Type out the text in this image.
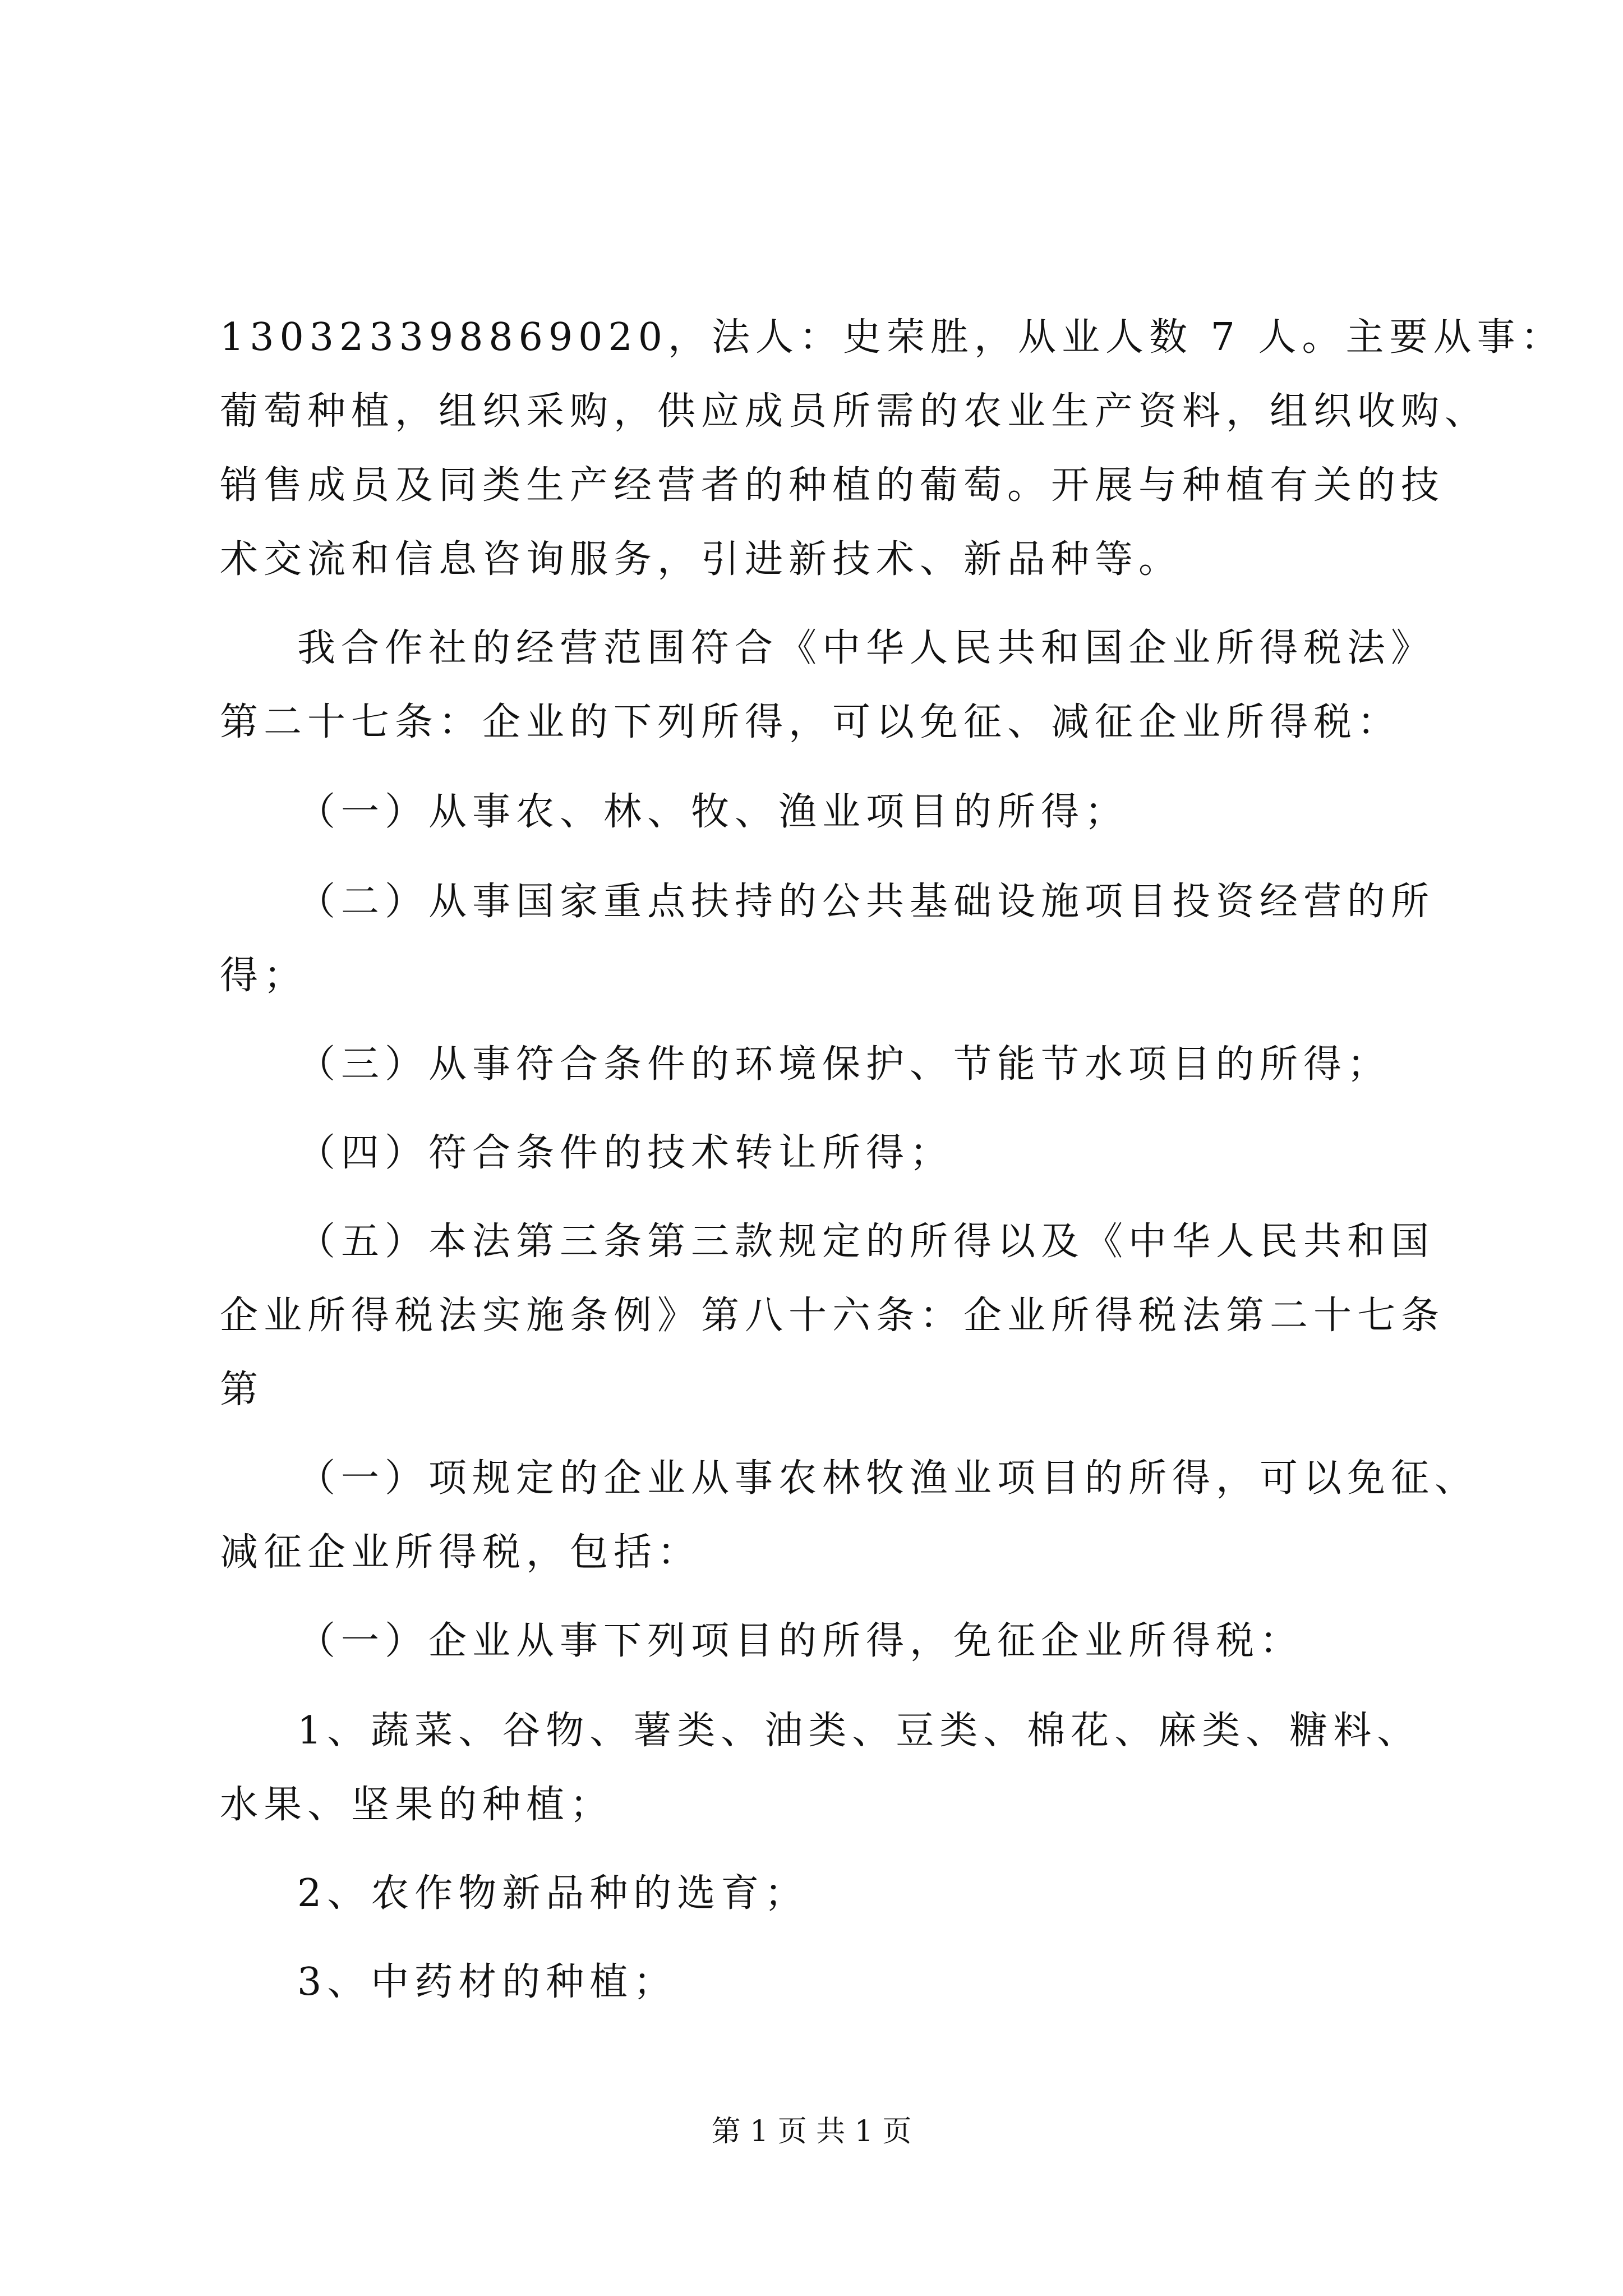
13032339886902​0，法人：史荣胜，从业人数 7 人。主要从事：
葡萄种植，组织采购，供应成员所需的农业生产资料，组织收购、
销售成员及同类生产经营者的种植的葡萄。开展与种植有关的技
术交流和信息咨询服务，引进新技术、新品种等。
我合作社的经营范围符合《中华人民共和国企业所得税法》
第二十七条：企业的下列所得，可以免征、减征企业所得税：
（一）从事农、林、牧、渔业项目的所得；
（二）从事国家重点扶持的公共基础设施项目投资经营的所
得；
（三）从事符合条件的环境保护、节能节水项目的所得；
（四）符合条件的技术转让所得；
（五）本法第三条第三款规定的所得以及《中华人民共和国
企业所得税法实施条例》第八十六条：企业所得税法第二十七条
第
（一）项规定的企业从事农林牧渔业项目的所得，可以免征、
减征企业所得税，包括：
（一）企业从事下列项目的所得，免征企业所得税：
1、蔬菜、谷物、薯类、油类、豆类、棉花、麻类、糖料、
水果、坚果的种植；
2、农作物新品种的选育；
3、中药材的种植；
第 1 页 共 1 页
